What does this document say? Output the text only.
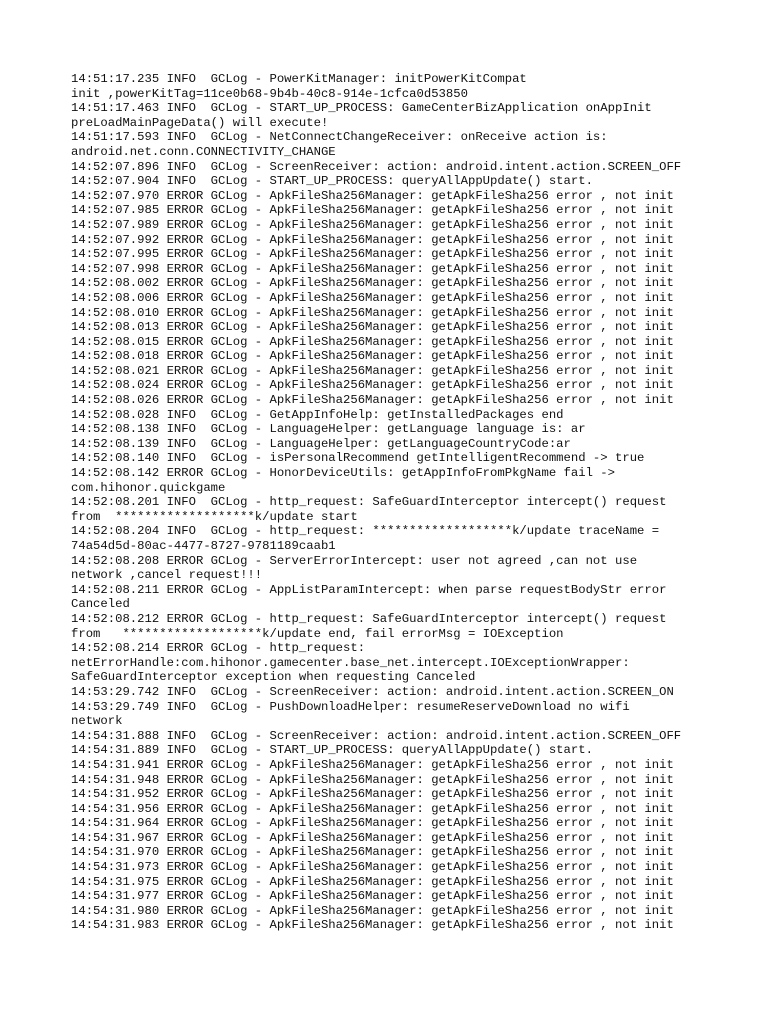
14:51:17.235 INFO  GCLog - PowerKitManager: initPowerKitCompat
init ,powerKitTag=11ce0b68-9b4b-40c8-914e-1cfca0d53850
14:51:17.463 INFO  GCLog - START_UP_PROCESS: GameCenterBizApplication onAppInit
preLoadMainPageData() will execute!
14:51:17.593 INFO  GCLog - NetConnectChangeReceiver: onReceive action is:
android.net.conn.CONNECTIVITY_CHANGE
14:52:07.896 INFO  GCLog - ScreenReceiver: action: android.intent.action.SCREEN_OFF
14:52:07.904 INFO  GCLog - START_UP_PROCESS: queryAllAppUpdate() start.
14:52:07.970 ERROR GCLog - ApkFileSha256Manager: getApkFileSha256 error , not init
14:52:07.985 ERROR GCLog - ApkFileSha256Manager: getApkFileSha256 error , not init
14:52:07.989 ERROR GCLog - ApkFileSha256Manager: getApkFileSha256 error , not init
14:52:07.992 ERROR GCLog - ApkFileSha256Manager: getApkFileSha256 error , not init
14:52:07.995 ERROR GCLog - ApkFileSha256Manager: getApkFileSha256 error , not init
14:52:07.998 ERROR GCLog - ApkFileSha256Manager: getApkFileSha256 error , not init
14:52:08.002 ERROR GCLog - ApkFileSha256Manager: getApkFileSha256 error , not init
14:52:08.006 ERROR GCLog - ApkFileSha256Manager: getApkFileSha256 error , not init
14:52:08.010 ERROR GCLog - ApkFileSha256Manager: getApkFileSha256 error , not init
14:52:08.013 ERROR GCLog - ApkFileSha256Manager: getApkFileSha256 error , not init
14:52:08.015 ERROR GCLog - ApkFileSha256Manager: getApkFileSha256 error , not init
14:52:08.018 ERROR GCLog - ApkFileSha256Manager: getApkFileSha256 error , not init
14:52:08.021 ERROR GCLog - ApkFileSha256Manager: getApkFileSha256 error , not init
14:52:08.024 ERROR GCLog - ApkFileSha256Manager: getApkFileSha256 error , not init
14:52:08.026 ERROR GCLog - ApkFileSha256Manager: getApkFileSha256 error , not init
14:52:08.028 INFO  GCLog - GetAppInfoHelp: getInstalledPackages end
14:52:08.138 INFO  GCLog - LanguageHelper: getLanguage language is: ar
14:52:08.139 INFO  GCLog - LanguageHelper: getLanguageCountryCode:ar
14:52:08.140 INFO  GCLog - isPersonalRecommend getIntelligentRecommend -> true
14:52:08.142 ERROR GCLog - HonorDeviceUtils: getAppInfoFromPkgName fail ->
com.hihonor.quickgame
14:52:08.201 INFO  GCLog - http_request: SafeGuardInterceptor intercept() request
from  *******************k/update start
14:52:08.204 INFO  GCLog - http_request: *******************k/update traceName =
74a54d5d-80ac-4477-8727-9781189caab1
14:52:08.208 ERROR GCLog - ServerErrorIntercept: user not agreed ,can not use
network ,cancel request!!!
14:52:08.211 ERROR GCLog - AppListParamIntercept: when parse requestBodyStr error
Canceled
14:52:08.212 ERROR GCLog - http_request: SafeGuardInterceptor intercept() request
from   *******************k/update end, fail errorMsg = IOException
14:52:08.214 ERROR GCLog - http_request:
netErrorHandle:com.hihonor.gamecenter.base_net.intercept.IOExceptionWrapper:
SafeGuardInterceptor exception when requesting Canceled
14:53:29.742 INFO  GCLog - ScreenReceiver: action: android.intent.action.SCREEN_ON
14:53:29.749 INFO  GCLog - PushDownloadHelper: resumeReserveDownload no wifi
network
14:54:31.888 INFO  GCLog - ScreenReceiver: action: android.intent.action.SCREEN_OFF
14:54:31.889 INFO  GCLog - START_UP_PROCESS: queryAllAppUpdate() start.
14:54:31.941 ERROR GCLog - ApkFileSha256Manager: getApkFileSha256 error , not init
14:54:31.948 ERROR GCLog - ApkFileSha256Manager: getApkFileSha256 error , not init
14:54:31.952 ERROR GCLog - ApkFileSha256Manager: getApkFileSha256 error , not init
14:54:31.956 ERROR GCLog - ApkFileSha256Manager: getApkFileSha256 error , not init
14:54:31.964 ERROR GCLog - ApkFileSha256Manager: getApkFileSha256 error , not init
14:54:31.967 ERROR GCLog - ApkFileSha256Manager: getApkFileSha256 error , not init
14:54:31.970 ERROR GCLog - ApkFileSha256Manager: getApkFileSha256 error , not init
14:54:31.973 ERROR GCLog - ApkFileSha256Manager: getApkFileSha256 error , not init
14:54:31.975 ERROR GCLog - ApkFileSha256Manager: getApkFileSha256 error , not init
14:54:31.977 ERROR GCLog - ApkFileSha256Manager: getApkFileSha256 error , not init
14:54:31.980 ERROR GCLog - ApkFileSha256Manager: getApkFileSha256 error , not init
14:54:31.983 ERROR GCLog - ApkFileSha256Manager: getApkFileSha256 error , not init
